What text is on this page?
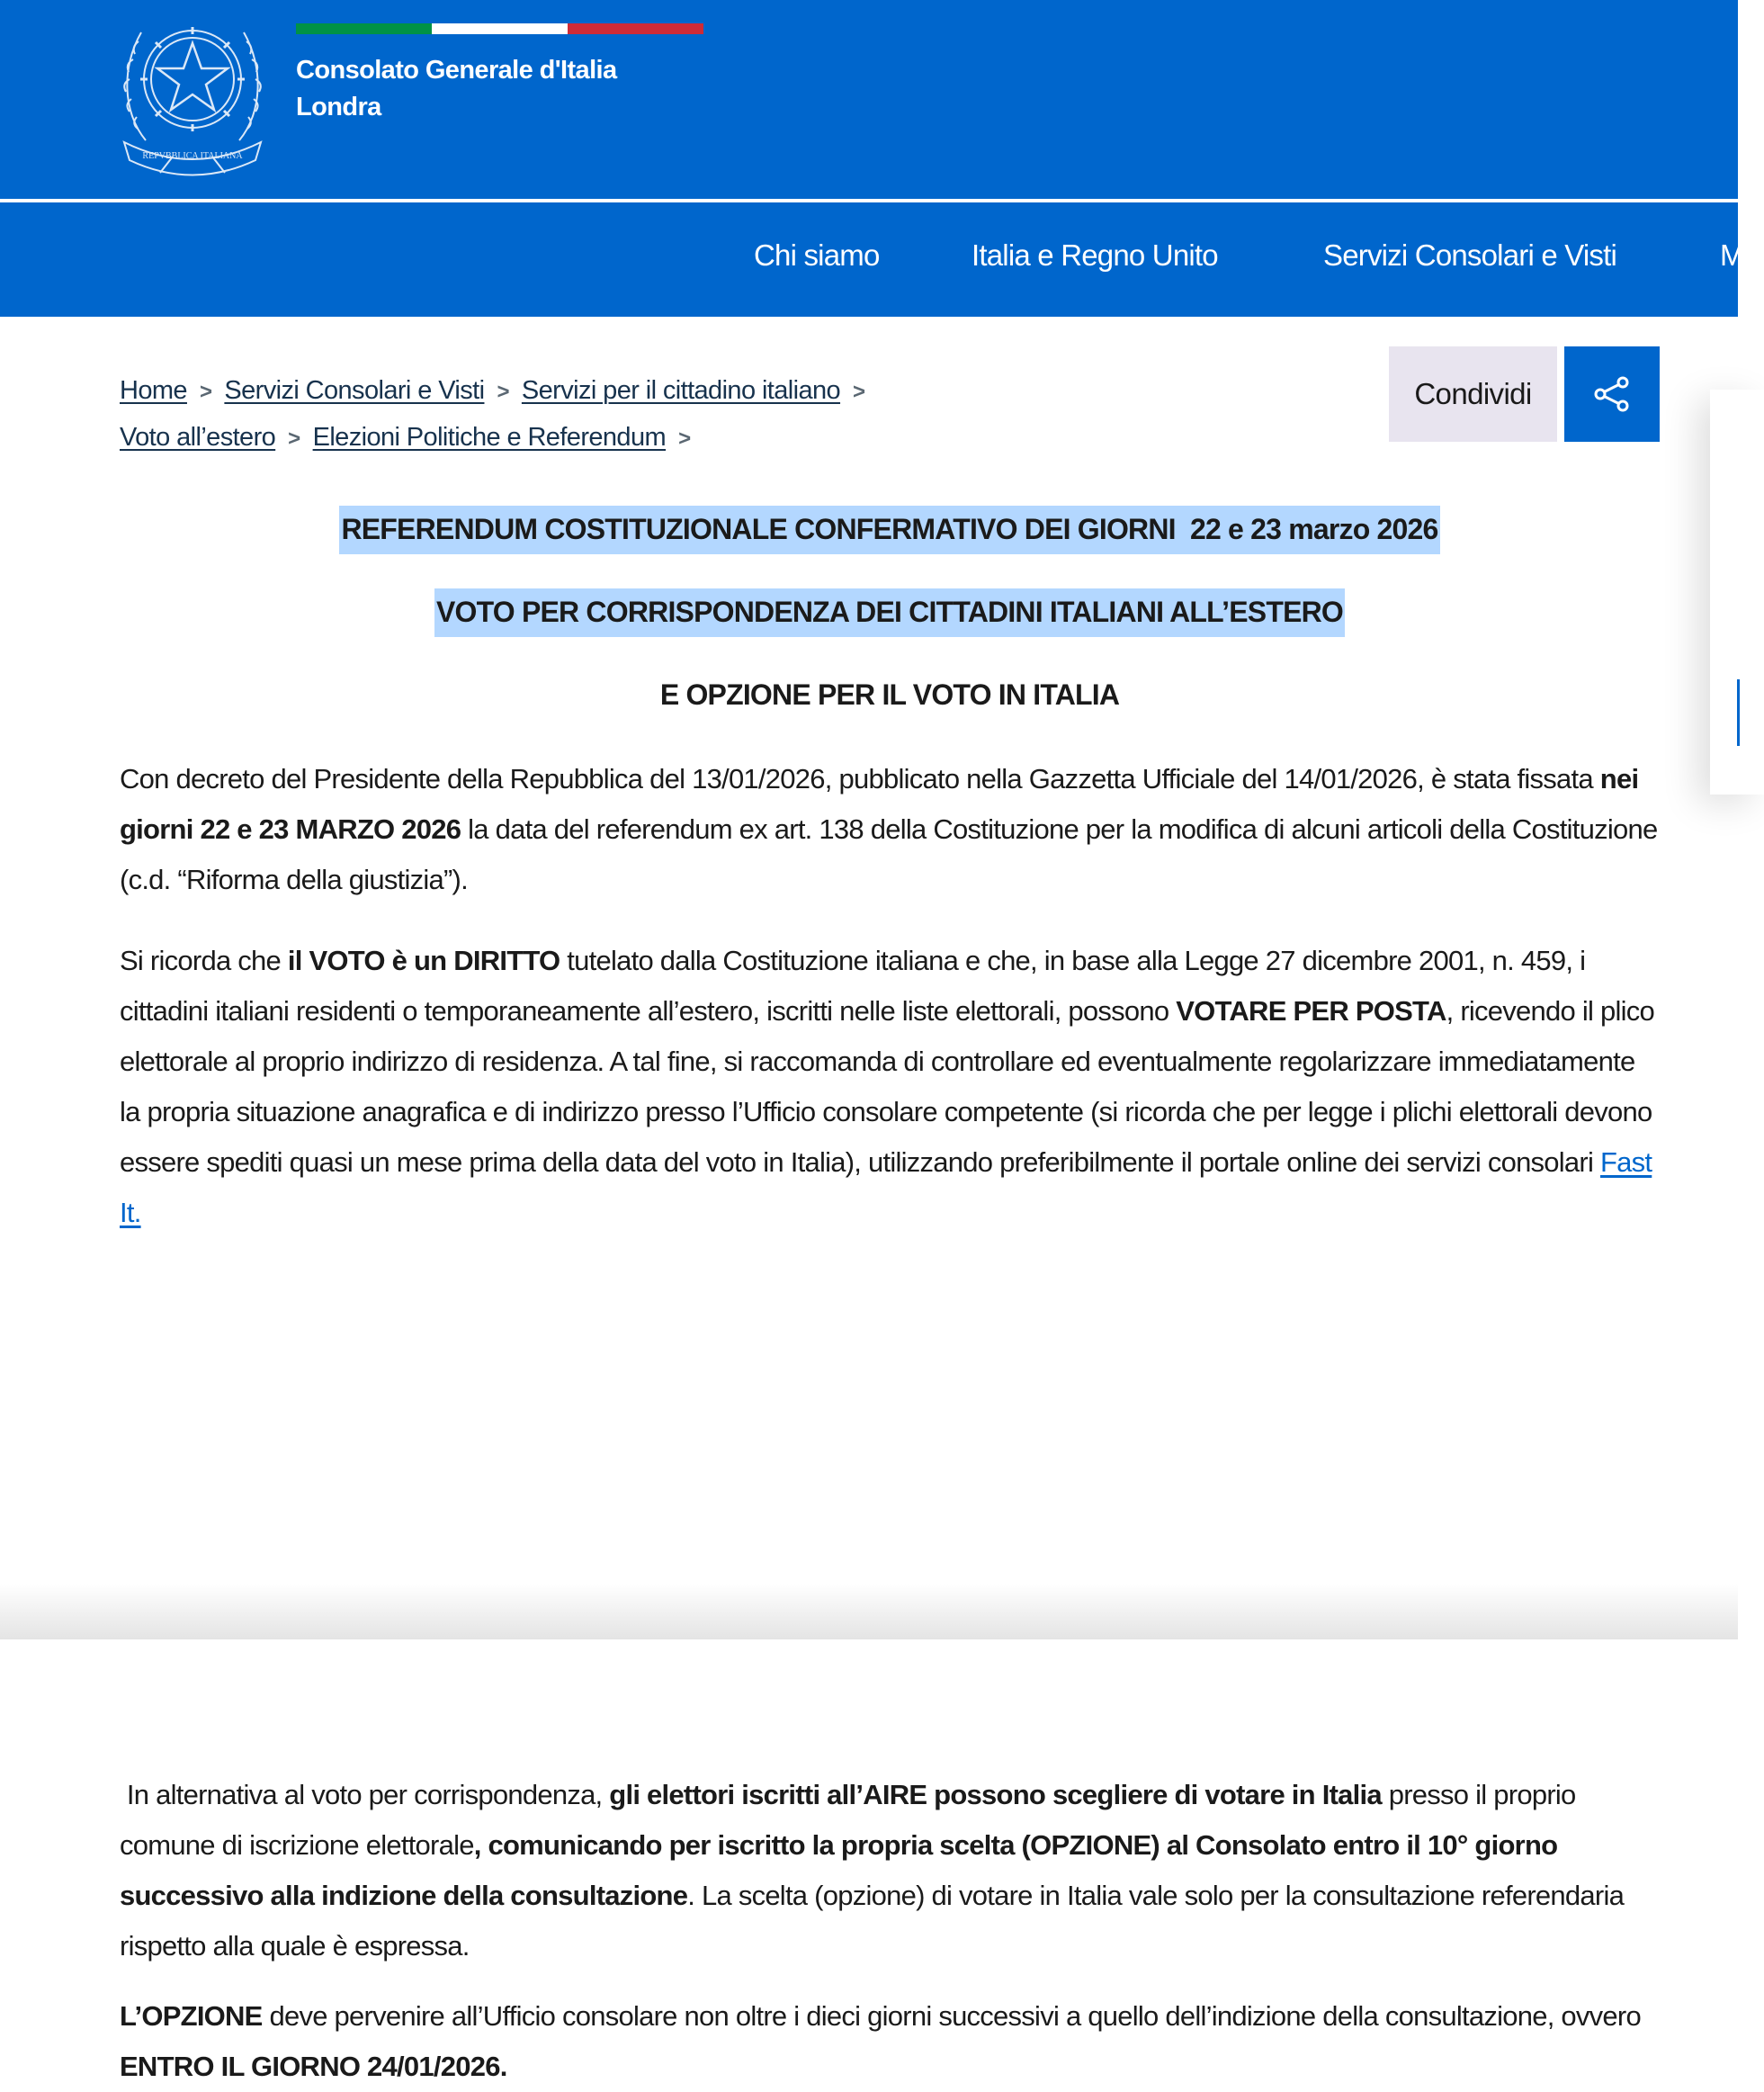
REPVBBLICA ITALIANA
Consolato Generale d'Italia
Londra
Chi siamo	Italia e Regno Unito	Servizi Consolari e Visti	M
Home > Servizi Consolari e Visti > Servizi per il cittadino italiano >
Voto all’estero > Elezioni Politiche e Referendum >
Condividi
REFERENDUM COSTITUZIONALE CONFERMATIVO DEI GIORNI  22 e 23 marzo 2026
VOTO PER CORRISPONDENZA DEI CITTADINI ITALIANI ALL’ESTERO
E OPZIONE PER IL VOTO IN ITALIA

Con decreto del Presidente della Repubblica del 13/01/2026, pubblicato nella Gazzetta Ufficiale del 14/01/2026, è stata fissata nei giorni 22 e 23 MARZO 2026 la data del referendum ex art. 138 della Costituzione per la modifica di alcuni articoli della Costituzione (c.d. “Riforma della giustizia”).

Si ricorda che il VOTO è un DIRITTO tutelato dalla Costituzione italiana e che, in base alla Legge 27 dicembre 2001, n. 459, i cittadini italiani residenti o temporaneamente all’estero, iscritti nelle liste elettorali, possono VOTARE PER POSTA, ricevendo il plico elettorale al proprio indirizzo di residenza. A tal fine, si raccomanda di controllare ed eventualmente regolarizzare immediatamente la propria situazione anagrafica e di indirizzo presso l’Ufficio consolare competente (si ricorda che per legge i plichi elettorali devono essere spediti quasi un mese prima della data del voto in Italia), utilizzando preferibilmente il portale online dei servizi consolari Fast It.

In alternativa al voto per corrispondenza, gli elettori iscritti all’AIRE possono scegliere di votare in Italia presso il proprio comune di iscrizione elettorale, comunicando per iscritto la propria scelta (OPZIONE) al Consolato entro il 10° giorno successivo alla indizione della consultazione. La scelta (opzione) di votare in Italia vale solo per la consultazione referendaria rispetto alla quale è espressa.

L’OPZIONE deve pervenire all’Ufficio consolare non oltre i dieci giorni successivi a quello dell’indizione della consultazione, ovvero ENTRO IL GIORNO 24/01/2026.
